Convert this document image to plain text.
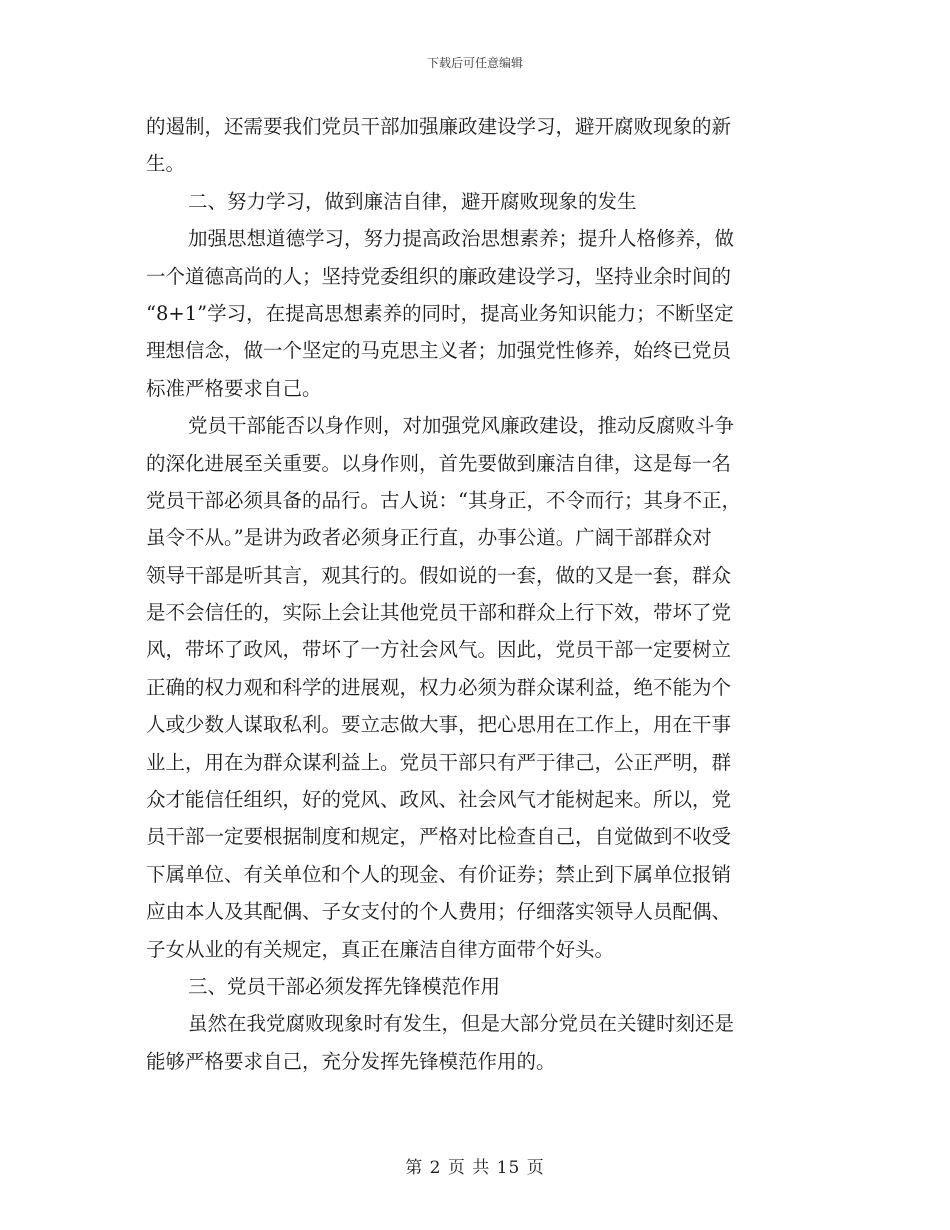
下载后可任意编辑
的遏制，还需要我们党员干部加强廉政建设学习，避开腐败现象的新
生。
二、努力学习，做到廉洁自律，避开腐败现象的发生
加强思想道德学习，努力提高政治思想素养；提升人格修养，做
一个道德高尚的人；坚持党委组织的廉政建设学习，坚持业余时间的
“8+1”学习，在提高思想素养的同时，提高业务知识能力；不断坚定
理想信念，做一个坚定的马克思主义者；加强党性修养，始终已党员
标准严格要求自己。
党员干部能否以身作则，对加强党风廉政建设，推动反腐败斗争
的深化进展至关重要。以身作则，首先要做到廉洁自律，这是每一名
党员干部必须具备的品行。古人说：“其身正，不令而行；其身不正，
虽令不从。”是讲为政者必须身正行直，办事公道。广阔干部群众对
领导干部是听其言，观其行的。假如说的一套，做的又是一套，群众
是不会信任的，实际上会让其他党员干部和群众上行下效，带坏了党
风，带坏了政风，带坏了一方社会风气。因此，党员干部一定要树立
正确的权力观和科学的进展观，权力必须为群众谋利益，绝不能为个
人或少数人谋取私利。要立志做大事，把心思用在工作上，用在干事
业上，用在为群众谋利益上。党员干部只有严于律己，公正严明，群
众才能信任组织，好的党风、政风、社会风气才能树起来。所以，党
员干部一定要根据制度和规定，严格对比检查自己，自觉做到不收受
下属单位、有关单位和个人的现金、有价证券；禁止到下属单位报销
应由本人及其配偶、子女支付的个人费用；仔细落实领导人员配偶、
子女从业的有关规定，真正在廉洁自律方面带个好头。
三、党员干部必须发挥先锋模范作用
虽然在我党腐败现象时有发生，但是大部分党员在关键时刻还是
能够严格要求自己，充分发挥先锋模范作用的。
第 2 页 共 15 页
